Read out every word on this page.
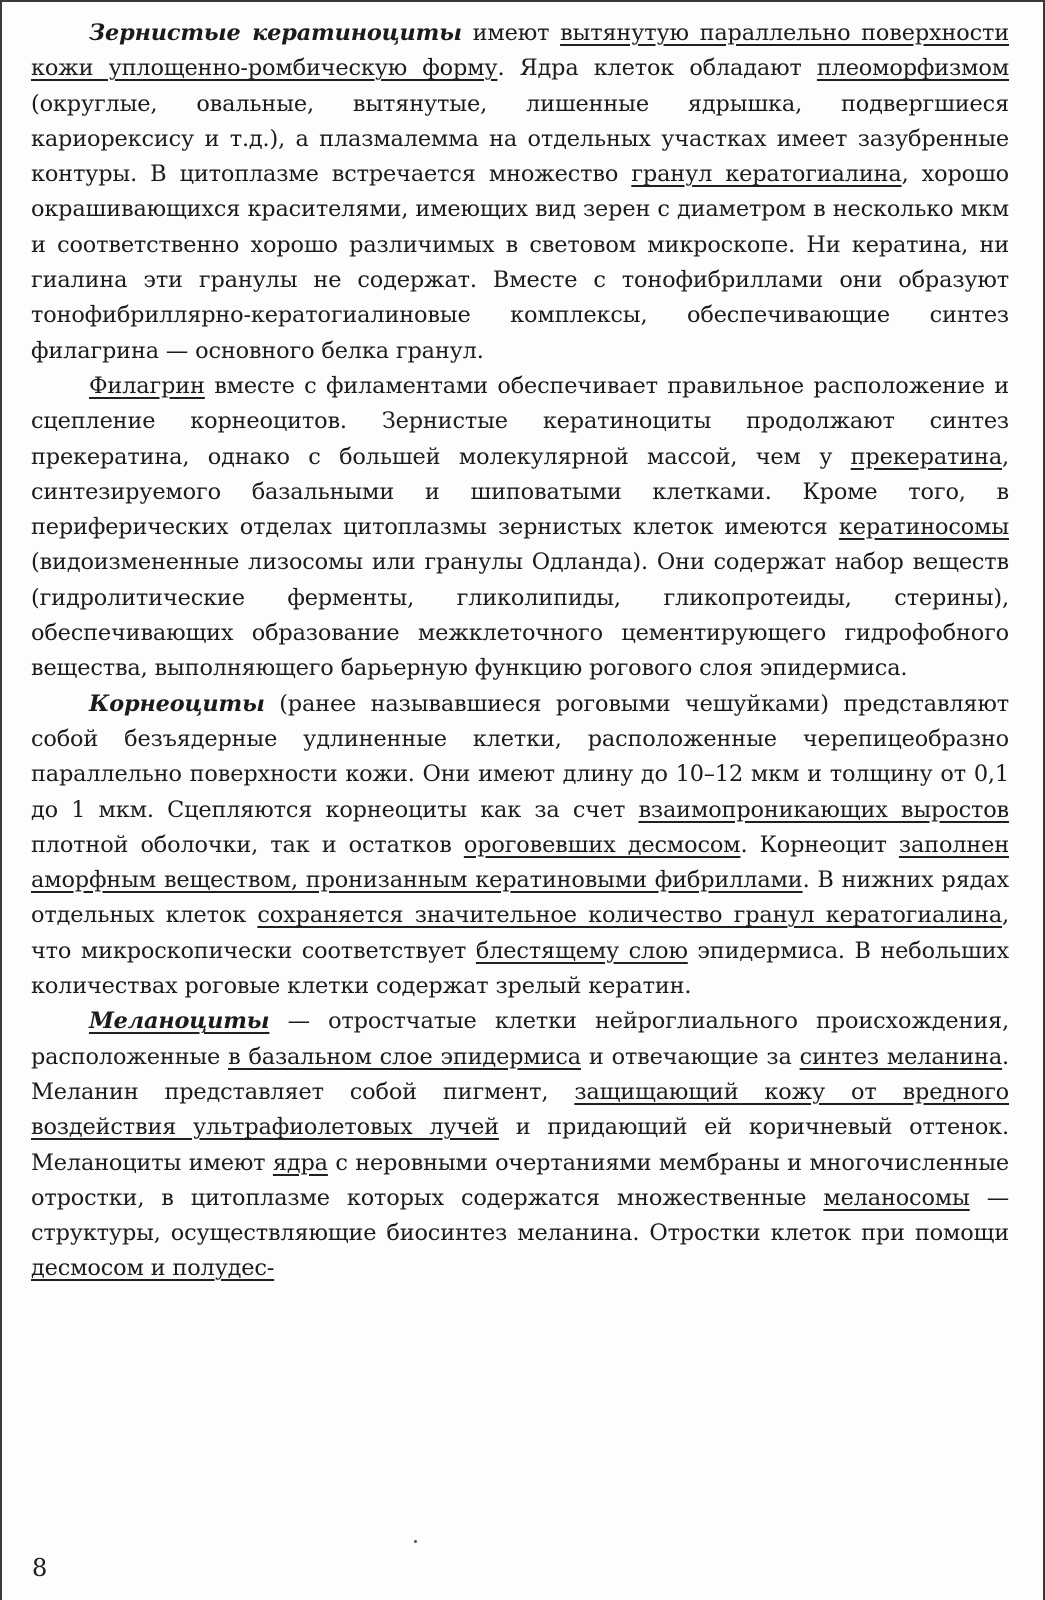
Зернистые кератиноциты имеют вытянутую параллельно поверхности кожи уплощенно-ромбическую форму. Ядра клеток обладают плеоморфизмом (округлые, овальные, вытянутые, лишенные ядрышка, подвергшиеся кариорексису и т.д.), а плазмалемма на отдельных участках имеет зазубренные контуры. В цитоплазме встречается множество гранул кератогиалина, хорошо окрашивающихся красителями, имеющих вид зерен с диаметром в несколько мкм и соответственно хорошо различимых в световом микроскопе. Ни кератина, ни гиалина эти гранулы не содержат. Вместе с тонофибриллами они образуют тонофибриллярно-кератогиалиновые комплексы, обеспечивающие синтез филагрина — основного белка гранул.

Филагрин вместе с филаментами обеспечивает правильное расположение и сцепление корнеоцитов. Зернистые кератиноциты продолжают синтез прекератина, однако с большей молекулярной массой, чем у прекератина, синтезируемого базальными и шиповатыми клетками. Кроме того, в периферических отделах цитоплазмы зернистых клеток имеются кератиносомы (видоизмененные лизосомы или гранулы Одланда). Они содержат набор веществ (гидролитические ферменты, гликолипиды, гликопротеиды, стерины), обеспечивающих образование межклеточного цементирующего гидрофобного вещества, выполняющего барьерную функцию рогового слоя эпидермиса.

Корнеоциты (ранее называвшиеся роговыми чешуйками) представляют собой безъядерные удлиненные клетки, расположенные черепицеобразно параллельно поверхности кожи. Они имеют длину до 10–12 мкм и толщину от 0,1 до 1 мкм. Сцепляются корнеоциты как за счет взаимопроникающих выростов плотной оболочки, так и остатков ороговевших десмосом. Корнеоцит заполнен аморфным веществом, пронизанным кератиновыми фибриллами. В нижних рядах отдельных клеток сохраняется значительное количество гранул кератогиалина, что микроскопически соответствует блестящему слою эпидермиса. В небольших количествах роговые клетки содержат зрелый кератин.

Меланоциты — отростчатые клетки нейроглиального происхождения, расположенные в базальном слое эпидермиса и отвечающие за синтез меланина. Меланин представляет собой пигмент, защищающий кожу от вредного воздействия ультрафиолетовых лучей и придающий ей коричневый оттенок. Меланоциты имеют ядра с неровными очертаниями мембраны и многочисленные отростки, в цитоплазме которых содержатся множественные меланосомы — структуры, осуществляющие биосинтез меланина. Отростки клеток при помощи десмосом и полудес-

8
